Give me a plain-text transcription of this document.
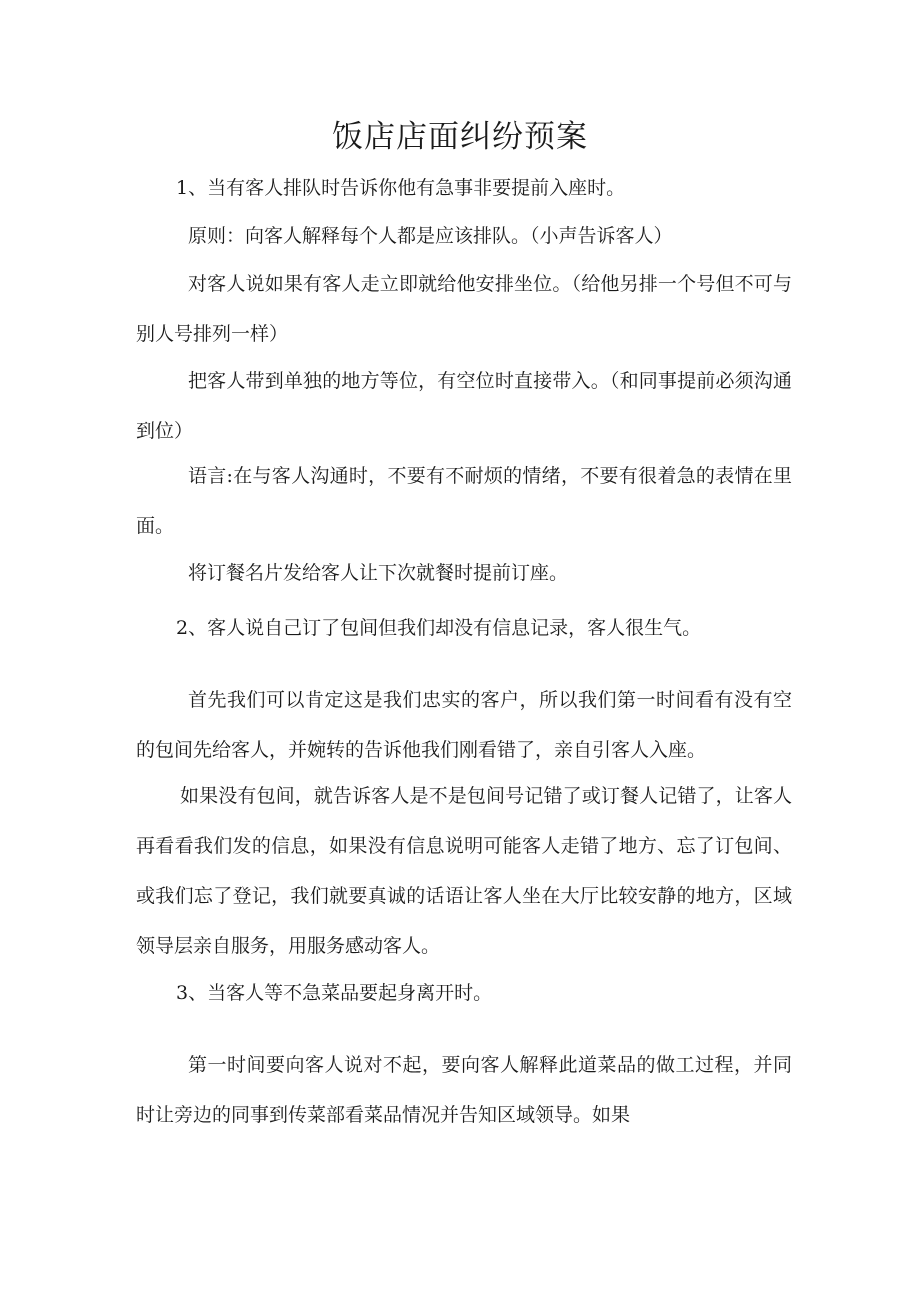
饭店店面纠纷预案

1、当有客人排队时告诉你他有急事非要提前入座时。

原则：向客人解释每个人都是应该排队。（小声告诉客人）

对客人说如果有客人走立即就给他安排坐位。（给他另排一个号但不可与别人号排列一样）

把客人带到单独的地方等位，有空位时直接带入。（和同事提前必须沟通到位）

语言:在与客人沟通时，不要有不耐烦的情绪，不要有很着急的表情在里面。

将订餐名片发给客人让下次就餐时提前订座。

2、客人说自己订了包间但我们却没有信息记录，客人很生气。

首先我们可以肯定这是我们忠实的客户，所以我们第一时间看有没有空的包间先给客人，并婉转的告诉他我们刚看错了，亲自引客人入座。

如果没有包间，就告诉客人是不是包间号记错了或订餐人记错了，让客人再看看我们发的信息，如果没有信息说明可能客人走错了地方、忘了订包间、或我们忘了登记，我们就要真诚的话语让客人坐在大厅比较安静的地方，区域领导层亲自服务，用服务感动客人。

3、当客人等不急菜品要起身离开时。

第一时间要向客人说对不起，要向客人解释此道菜品的做工过程，并同时让旁边的同事到传菜部看菜品情况并告知区域领导。如果
